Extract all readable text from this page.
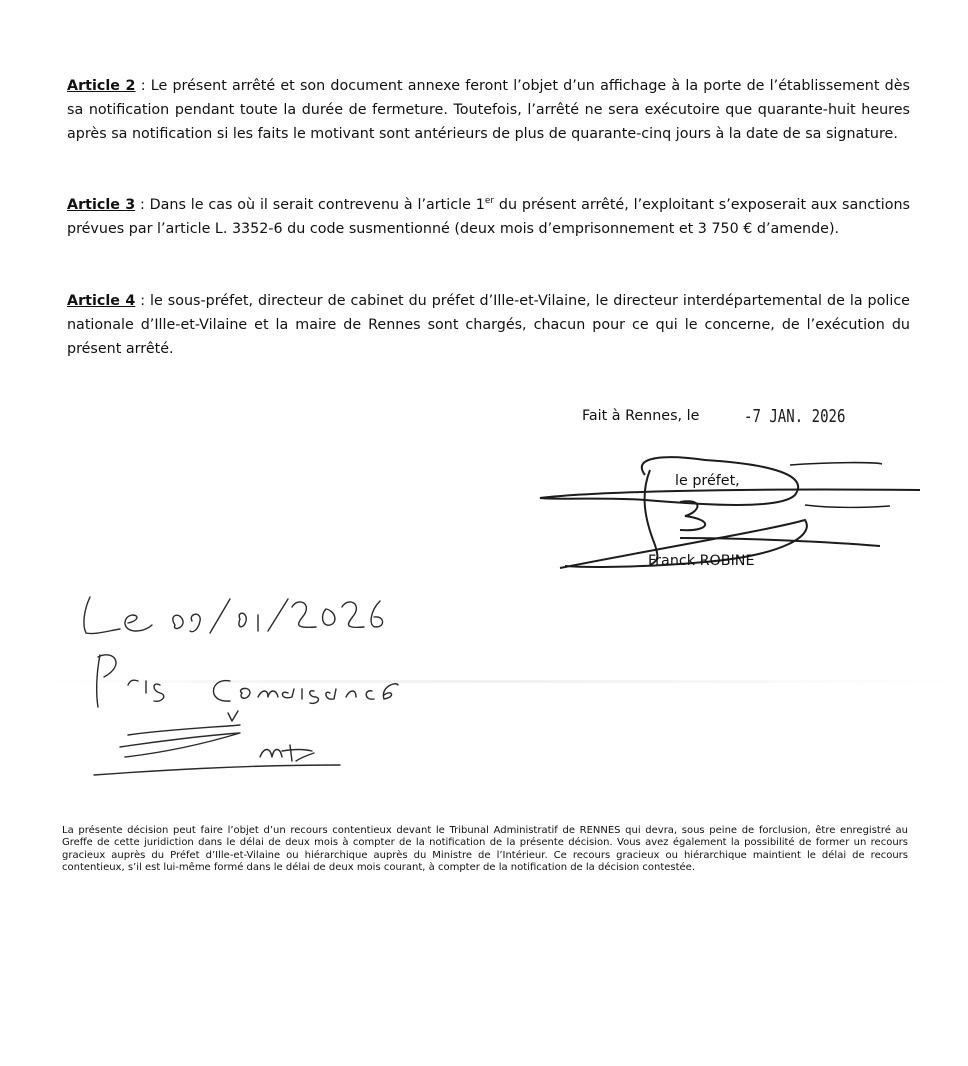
Article 2 : Le présent arrêté et son document annexe feront l’objet d’un affichage à la porte de l’établissement dès sa notification pendant toute la durée de fermeture. Toutefois, l’arrêté ne sera exécutoire que quarante-huit heures après sa notification si les faits le motivant sont antérieurs de plus de quarante-cinq jours à la date de sa signature.
Article 3 : Dans le cas où il serait contrevenu à l’article 1er du présent arrêté, l’exploitant s’exposerait aux sanctions prévues par l’article L. 3352-6 du code susmentionné (deux mois d’emprisonnement et 3 750 € d’amende).
Article 4 : le sous-préfet, directeur de cabinet du préfet d’Ille-et-Vilaine, le directeur interdépartemental de la police nationale d’Ille-et-Vilaine et la maire de Rennes sont chargés, chacun pour ce qui le concerne, de l’exécution du présent arrêté.
Fait à Rennes, le -7 JAN. 2026
le préfet,
Franck ROBINE
La présente décision peut faire l’objet d’un recours contentieux devant le Tribunal Administratif de RENNES qui devra, sous peine de forclusion, être enregistré au Greffe de cette juridiction dans le délai de deux mois à compter de la notification de la présente décision. Vous avez également la possibilité de former un recours gracieux auprès du Préfet d’Ille-et-Vilaine ou hiérarchique auprès du Ministre de l’Intérieur. Ce recours gracieux ou hiérarchique maintient le délai de recours contentieux, s’il est lui-même formé dans le délai de deux mois courant, à compter de la notification de la décision contestée.
